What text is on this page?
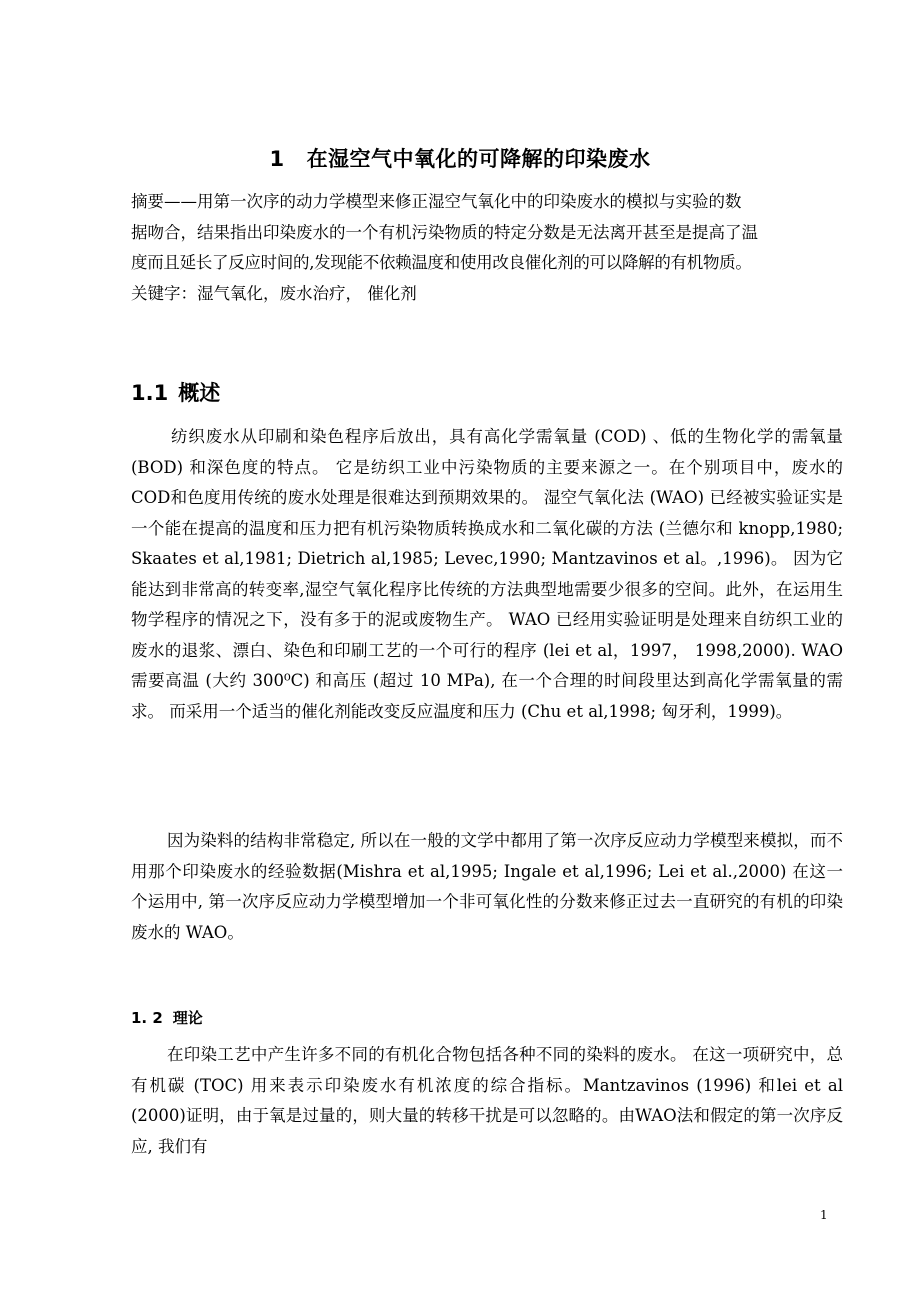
1 在湿空气中氧化的可降解的印染废水
摘要——用第一次序的动力学模型来修正湿空气氧化中的印染废水的模拟与实验的数
据吻合，结果指出印染废水的一个有机污染物质的特定分数是无法离开甚至是提高了温
度而且延长了反应时间的,发现能不依赖温度和使用改良催化剂的可以降解的有机物质。
关键字：湿气氧化，废水治疗， 催化剂
1.1 概述

纺织废水从印刷和染色程序后放出，具有高化学需氧量 (COD) 、低的生物化学的需氧量 (BOD) 和深色度的特点。 它是纺织工业中污染物质的主要来源之一。在个别项目中，废水的COD和色度用传统的废水处理是很难达到预期效果的。 湿空气氧化法 (WAO) 已经被实验证实是一个能在提高的温度和压力把有机污染物质转换成水和二氧化碳的方法 (兰德尔和 knopp,1980; Skaates et al,1981; Dietrich al,1985; Levec,1990; Mantzavinos et al。,1996)。 因为它能达到非常高的转变率,湿空气氧化程序比传统的方法典型地需要少很多的空间。此外，在运用生物学程序的情况之下，没有多于的泥或废物生产。 WAO 已经用实验证明是处理来自纺织工业的废水的退浆、漂白、染色和印刷工艺的一个可行的程序 (lei et al，1997， 1998,2000). WAO 需要高温 (大约 300⁰C) 和高压 (超过 10 MPa), 在一个合理的时间段里达到高化学需氧量的需求。 而采用一个适当的催化剂能改变反应温度和压力 (Chu et al,1998; 匈牙利，1999)。

因为染料的结构非常稳定, 所以在一般的文学中都用了第一次序反应动力学模型来模拟，而不用那个印染废水的经验数据(Mishra et al,1995; Ingale et al,1996; Lei et al.,2000) 在这一个运用中, 第一次序反应动力学模型增加一个非可氧化性的分数来修正过去一直研究的有机的印染废水的 WAO。

1. 2 理论

在印染工艺中产生许多不同的有机化合物包括各种不同的染料的废水。 在这一项研究中，总有机碳 (TOC) 用来表示印染废水有机浓度的综合指标。Mantzavinos (1996) 和lei et al (2000)证明，由于氧是过量的，则大量的转移干扰是可以忽略的。由WAO法和假定的第一次序反应, 我们有

1
